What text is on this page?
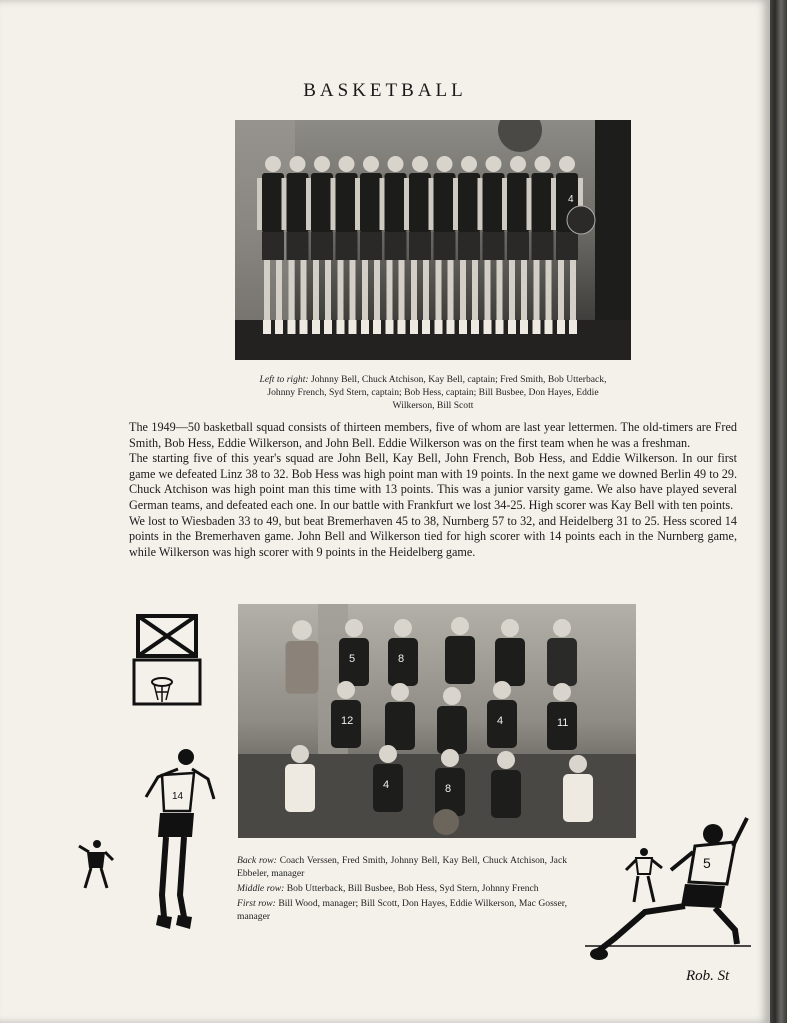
BASKETBALL
4
Left to right: Johnny Bell, Chuck Atchison, Kay Bell, captain; Fred Smith, Bob Utterback, Johnny French, Syd Stern, captain; Bob Hess, captain; Bill Busbee, Don Hayes, Eddie Wilkerson, Bill Scott

The 1949—50 basketball squad consists of thirteen members, five of whom are last year lettermen. The old-timers are Fred Smith, Bob Hess, Eddie Wilkerson, and John Bell. Eddie Wilkerson was on the first team when he was a freshman.

The starting five of this year's squad are John Bell, Kay Bell, John French, Bob Hess, and Eddie Wilkerson. In our first game we defeated Linz 38 to 32. Bob Hess was high point man with 19 points. In the next game we downed Berlin 49 to 29. Chuck Atchison was high point man this time with 13 points. This was a junior varsity game. We also have played several German teams, and defeated each one. In our battle with Frankfurt we lost 34-25. High scorer was Kay Bell with ten points.

We lost to Wiesbaden 33 to 49, but beat Bremerhaven 45 to 38, Nurnberg 57 to 32, and Heidelberg 31 to 25. Hess scored 14 points in the Bremerhaven game. John Bell and Wilkerson tied for high scorer with 14 points each in the Nurnberg game, while Wilkerson was high scorer with 9 points in the Heidelberg game.

5	8
12	4	11
4	8

Back row: Coach Verssen, Fred Smith, Johnny Bell, Kay Bell, Chuck Atchison, Jack Ebbeler, manager

Middle row: Bob Utterback, Bill Busbee, Bob Hess, Syd Stern, Johnny French

First row: Bill Wood, manager; Bill Scott, Don Hayes, Eddie Wilkerson, Mac Gosser, manager

14
5
Rob. St
